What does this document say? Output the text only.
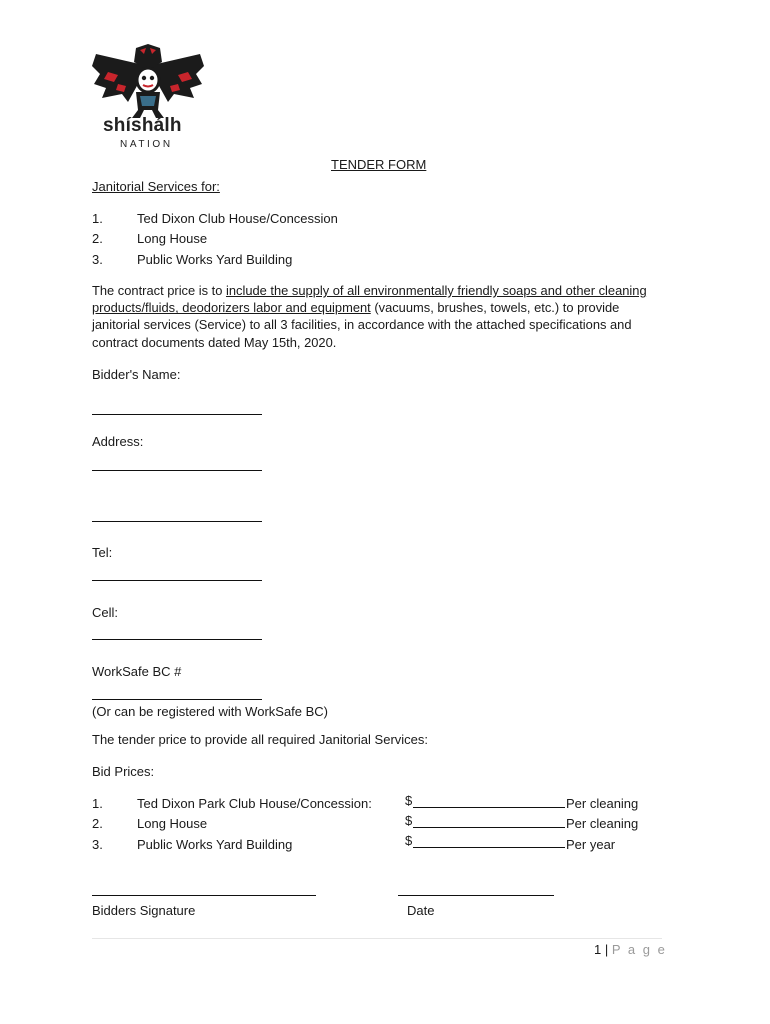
shíshálh
NATION
TENDER FORM
Janitorial Services for:
1.	Ted Dixon Club House/Concession
2.	Long House
3.	Public Works Yard Building
The contract price is to include the supply of all environmentally friendly soaps and other cleaning products/fluids, deodorizers labor and equipment (vacuums, brushes, towels, etc.) to provide janitorial services (Service) to all 3 facilities, in accordance with the attached specifications and contract documents dated May 15th, 2020.
Bidder's Name:
Address:
Tel:
Cell:
WorkSafe BC #
(Or can be registered with WorkSafe BC)
The tender price to provide all required Janitorial Services:
Bid Prices:
1.	Ted Dixon Park Club House/Concession:	$	Per cleaning
2.	Long House	$	Per cleaning
3.	Public Works Yard Building	$	Per year
Bidders Signature	Date
1 | P a g e
